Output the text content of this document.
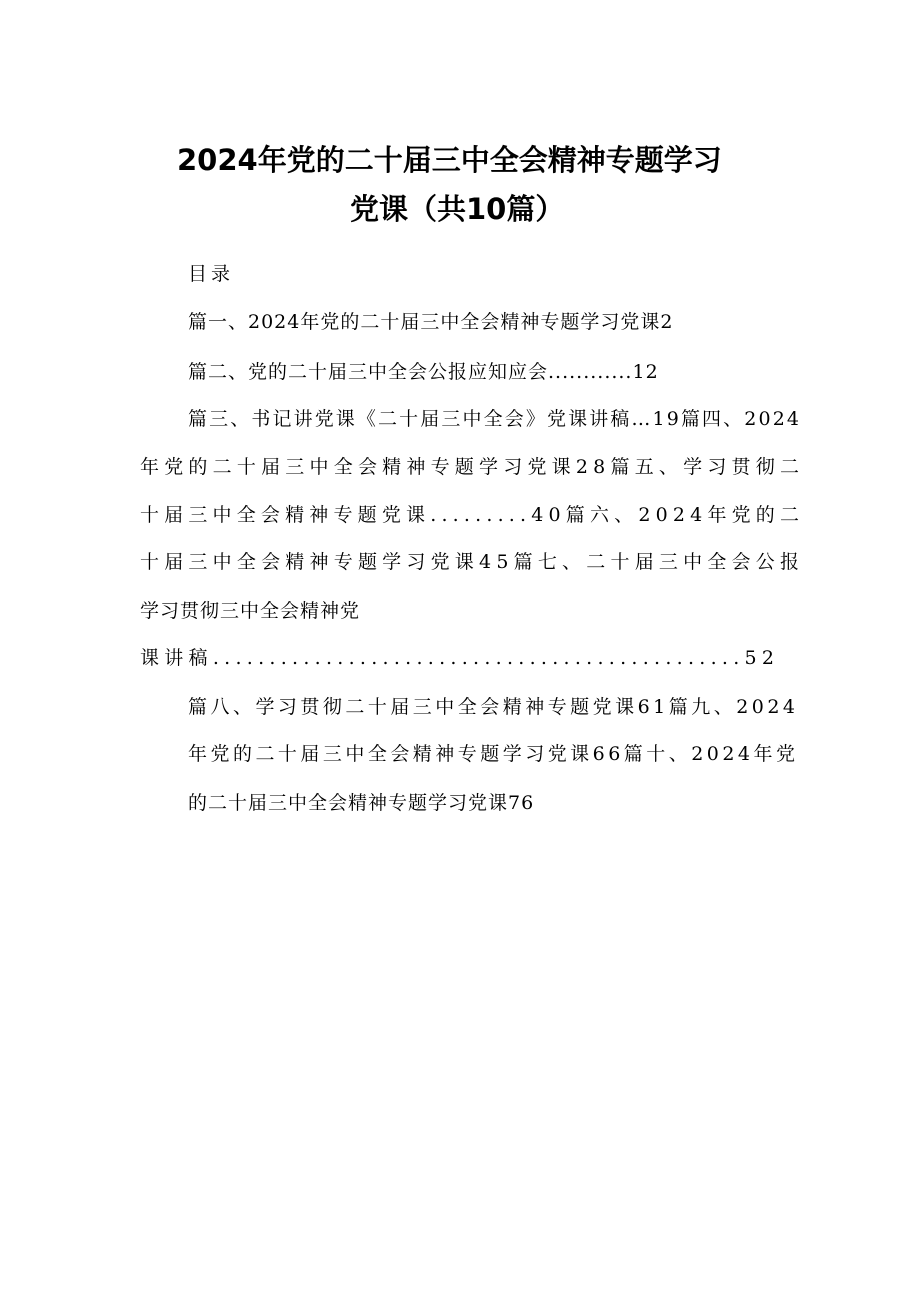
2024年党的二十届三中全会精神专题学习
党课（共10篇）
目录
篇一、2024年党的二十届三中全会精神专题学习党课2
篇二、党的二十届三中全会公报应知应会............12
篇三、书记讲党课《二十届三中全会》党课讲稿…19篇四、2024
年党的二十届三中全会精神专题学习党课28篇五、学习贯彻二
十届三中全会精神专题党课.........40篇六、2024年党的二
十届三中全会精神专题学习党课45篇七、二十届三中全会公报
学习贯彻三中全会精神党
课讲稿...............................................52
篇八、学习贯彻二十届三中全会精神专题党课61篇九、2024
年党的二十届三中全会精神专题学习党课66篇十、2024年党
的二十届三中全会精神专题学习党课76
